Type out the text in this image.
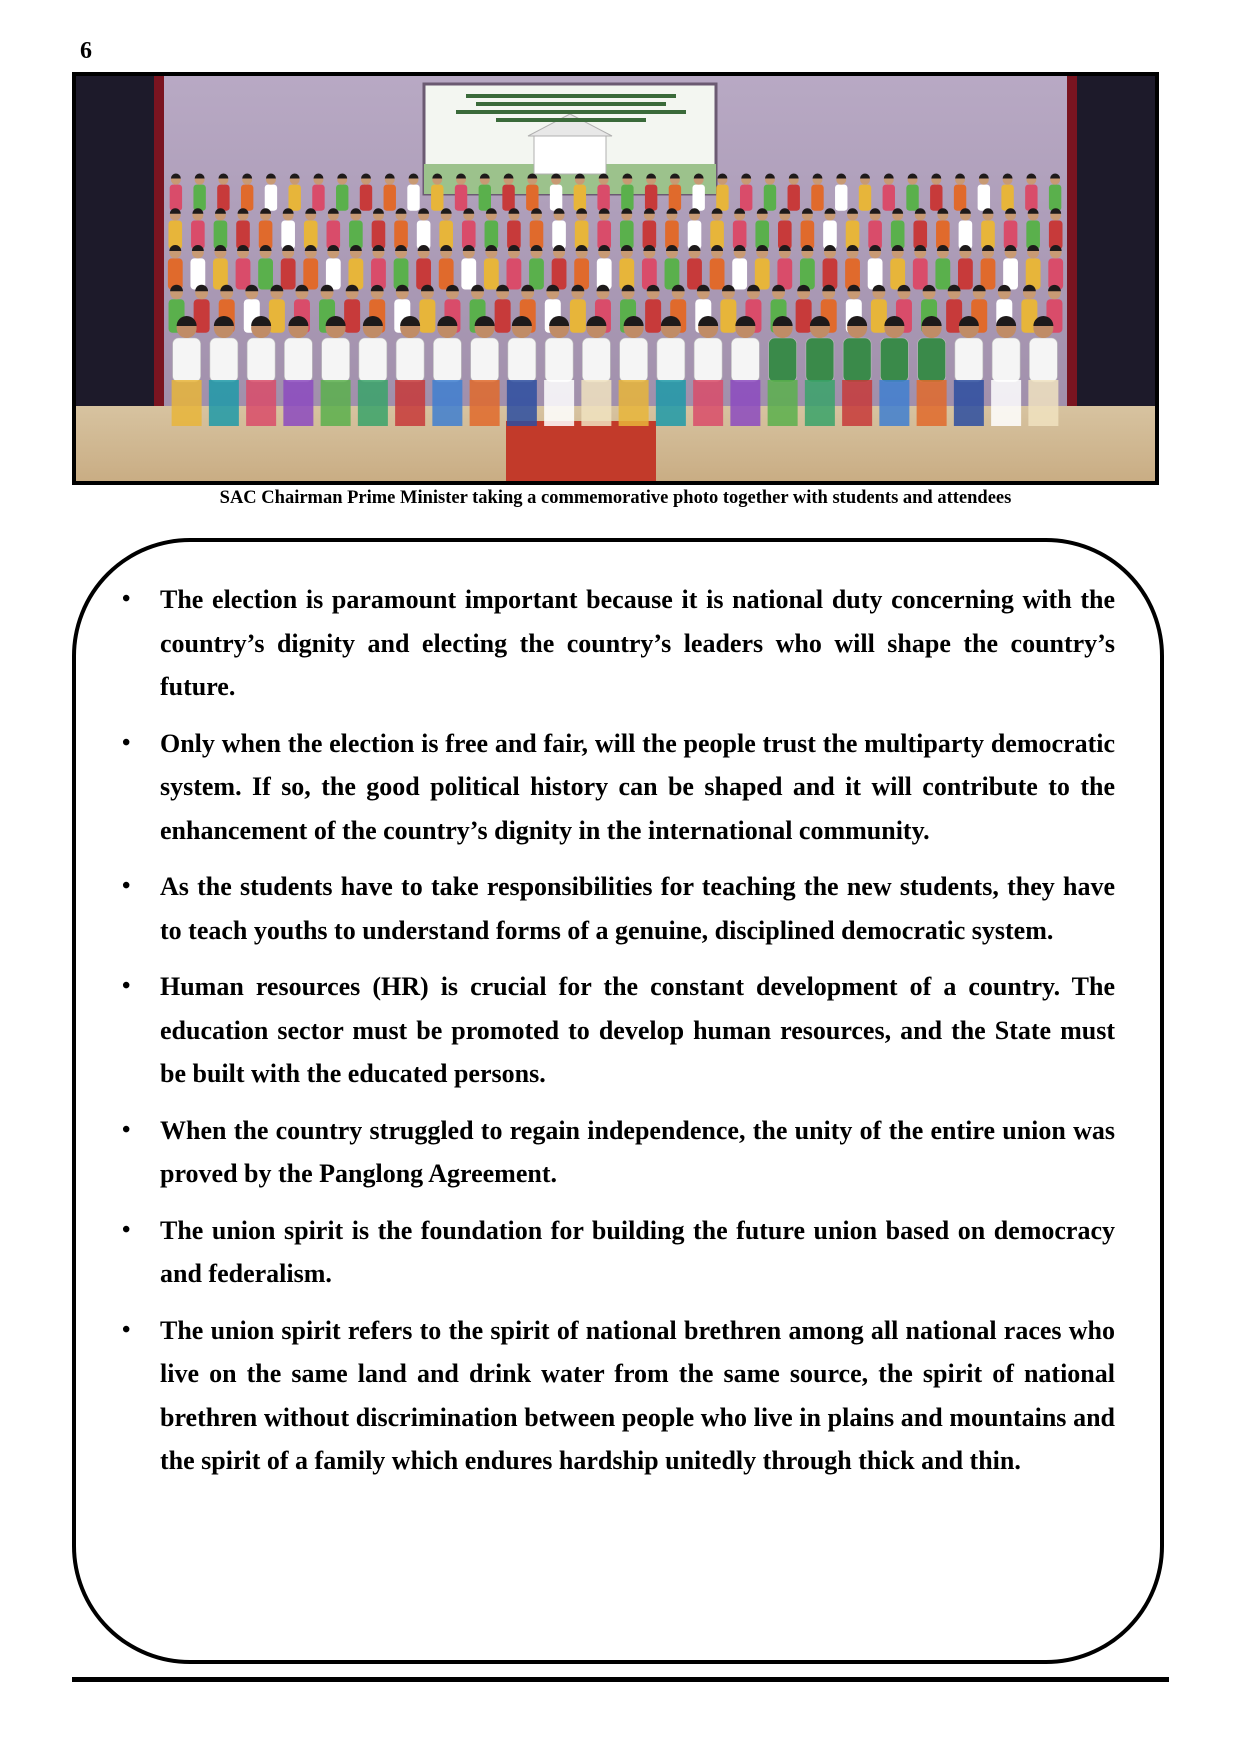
6
SAC Chairman Prime Minister taking a commemorative photo together with students and attendees
• The election is paramount important because it is national duty concerning with the country’s dignity and electing the country’s leaders who will shape the country’s future.
• Only when the election is free and fair, will the people trust the multiparty democratic system. If so, the good political history can be shaped and it will contribute to the enhancement of the country’s dignity in the international community.
• As the students have to take responsibilities for teaching the new students, they have to teach youths to understand forms of a genuine, disciplined democratic system.
• Human resources (HR) is crucial for the constant development of a country. The education sector must be promoted to develop human resources, and the State must be built with the educated persons.
• When the country struggled to regain independence, the unity of the entire union was proved by the Panglong Agreement.
• The union spirit is the foundation for building the future union based on democracy and federalism.
• The union spirit refers to the spirit of national brethren among all national races who live on the same land and drink water from the same source, the spirit of national brethren without discrimination between people who live in plains and mountains and the spirit of a family which endures hardship unitedly through thick and thin.
